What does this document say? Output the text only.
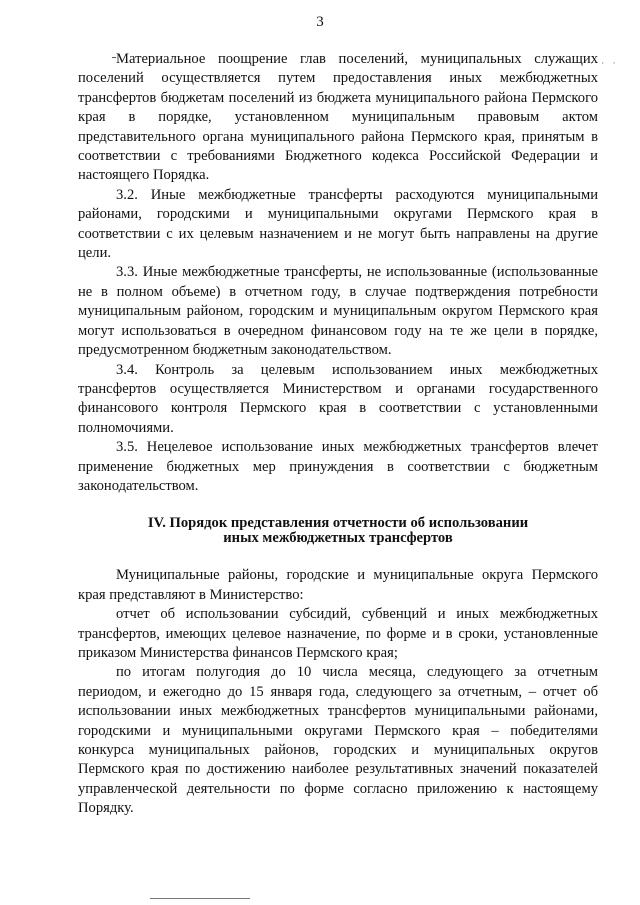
3
· · ·

Материальное поощрение глав поселений, муниципальных служащих поселений осуществляется путем предоставления иных межбюджетных трансфертов бюджетам поселений из бюджета муниципального района Пермского края в порядке, установленном муниципальным правовым актом представительного органа муниципального района Пермского края, принятым в соответствии с требованиями Бюджетного кодекса Российской Федерации и настоящего Порядка.

3.2. Иные межбюджетные трансферты расходуются муниципальными районами, городскими и муниципальными округами Пермского края в соответствии с их целевым назначением и не могут быть направлены на другие цели.

3.3. Иные межбюджетные трансферты, не использованные (использованные не в полном объеме) в отчетном году, в случае подтверждения потребности муниципальным районом, городским и муниципальным округом Пермского края могут использоваться в очередном финансовом году на те же цели в порядке, предусмотренном бюджетным законодательством.

3.4. Контроль за целевым использованием иных межбюджетных трансфертов осуществляется Министерством и органами государственного финансового контроля Пермского края в соответствии с установленными полномочиями.

3.5. Нецелевое использование иных межбюджетных трансфертов влечет применение бюджетных мер принуждения в соответствии с бюджетным законодательством.

IV. Порядок представления отчетности об использовании
иных межбюджетных трансфертов

Муниципальные районы, городские и муниципальные округа Пермского края представляют в Министерство:

отчет об использовании субсидий, субвенций и иных межбюджетных трансфертов, имеющих целевое назначение, по форме и в сроки, установленные приказом Министерства финансов Пермского края;

по итогам полугодия до 10 числа месяца, следующего за отчетным периодом, и ежегодно до 15 января года, следующего за отчетным, – отчет об использовании иных межбюджетных трансфертов муниципальными районами, городскими и муниципальными округами Пермского края – победителями конкурса муниципальных районов, городских и муниципальных округов Пермского края по достижению наиболее результативных значений показателей управленческой деятельности по форме согласно приложению к настоящему Порядку.
